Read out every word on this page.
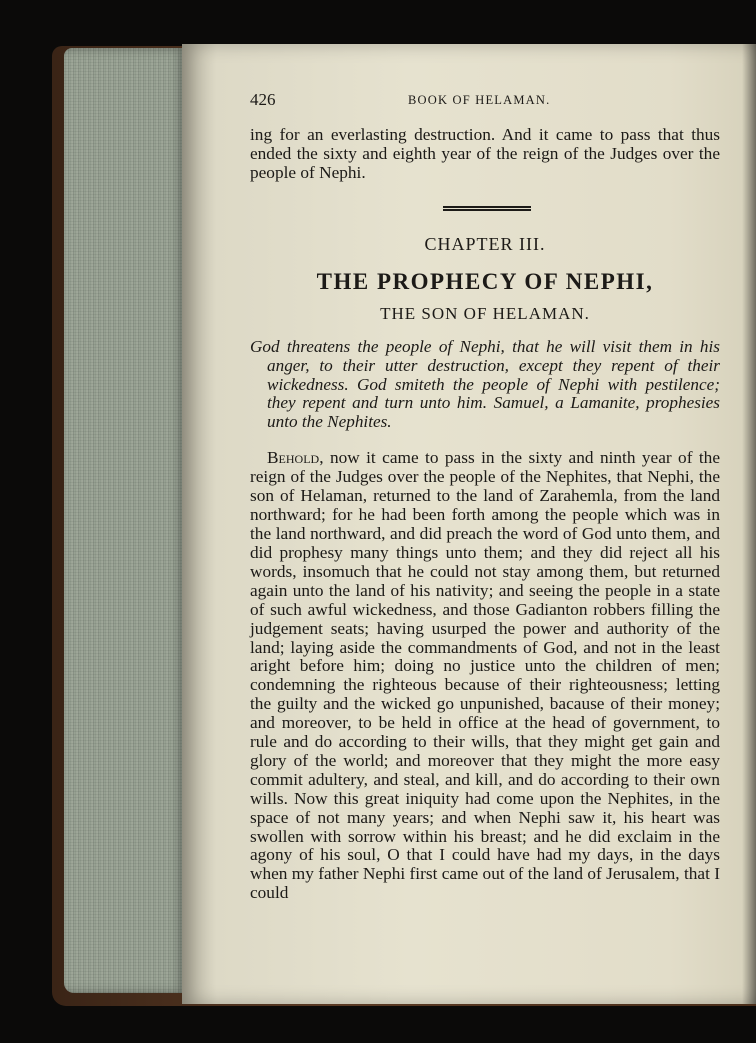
426	BOOK OF HELAMAN.

ing for an everlasting destruction. And it came to pass that thus ended the sixty and eighth year of the reign of the Judges over the people of Nephi.

CHAPTER III.
THE PROPHECY OF NEPHI,
THE SON OF HELAMAN.

God threatens the people of Nephi, that he will visit them in his anger, to their utter destruction, except they repent of their wickedness. God smiteth the people of Nephi with pestilence; they repent and turn unto him. Samuel, a Lamanite, prophesies unto the Nephites.

Behold, now it came to pass in the sixty and ninth year of the reign of the Judges over the people of the Nephites, that Nephi, the son of Helaman, returned to the land of Zarahemla, from the land northward; for he had been forth among the people which was in the land northward, and did preach the word of God unto them, and did prophesy many things unto them; and they did reject all his words, insomuch that he could not stay among them, but returned again unto the land of his nativity; and seeing the people in a state of such awful wickedness, and those Gadianton robbers filling the judgement seats; having usurped the power and authority of the land; laying aside the commandments of God, and not in the least aright before him; doing no justice unto the children of men; condemning the righteous because of their righteousness; letting the guilty and the wicked go unpunished, bacause of their money; and moreover, to be held in office at the head of government, to rule and do according to their wills, that they might get gain and glory of the world; and moreover that they might the more easy commit adultery, and steal, and kill, and do according to their own wills. Now this great iniquity had come upon the Nephites, in the space of not many years; and when Nephi saw it, his heart was swollen with sorrow within his breast; and he did exclaim in the agony of his soul, O that I could have had my days, in the days when my father Nephi first came out of the land of Jerusalem, that I could
